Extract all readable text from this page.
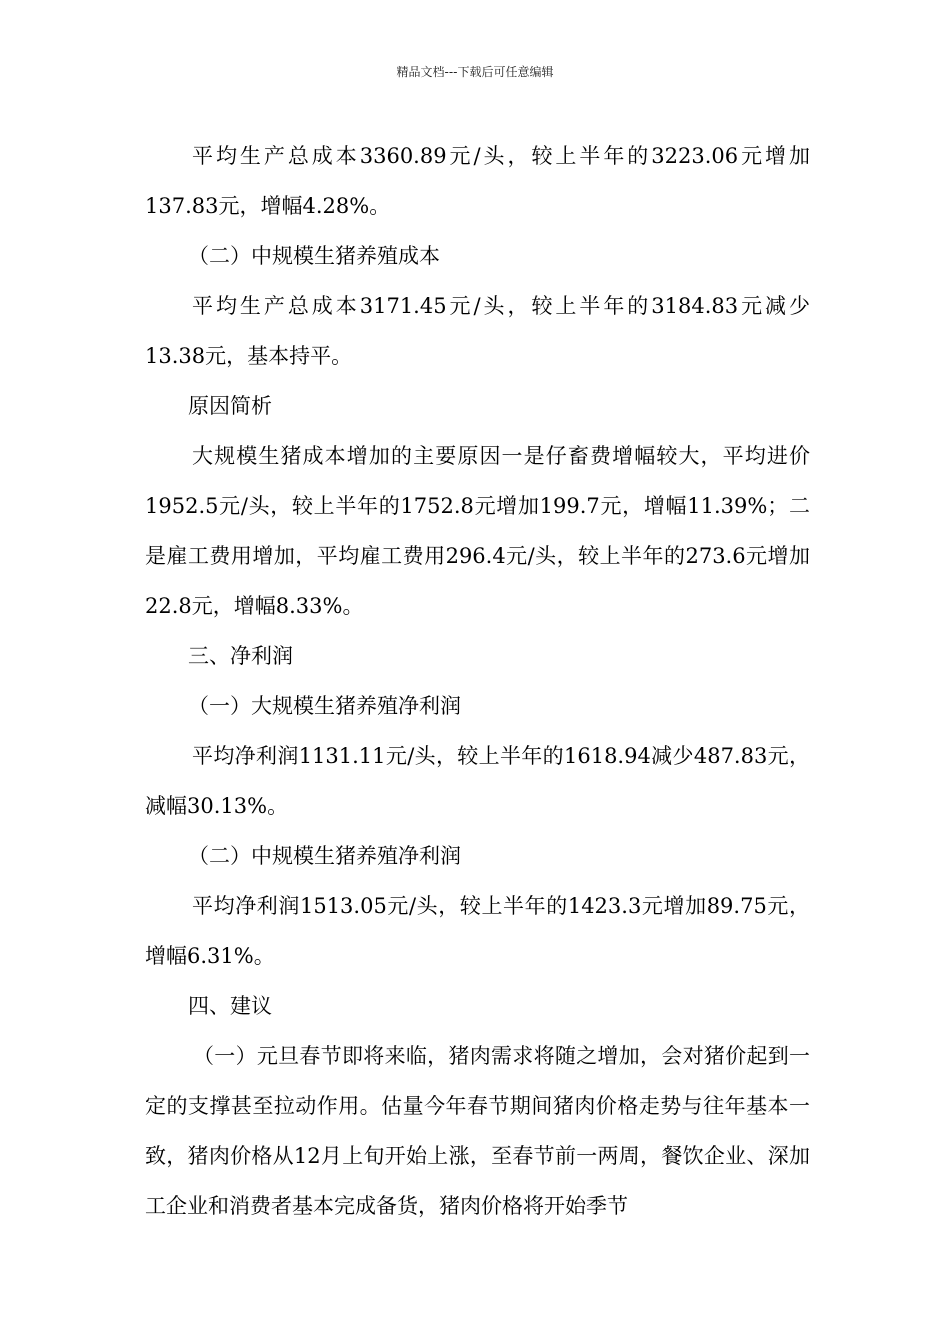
精品文档---下载后可任意编辑

平均生产总成本3360.89元/头，较上半年的3223.06元增加137.83元，增幅4.28%。

（二）中规模生猪养殖成本

平均生产总成本3171.45元/头，较上半年的3184.83元减少13.38元，基本持平。

原因简析

大规模生猪成本增加的主要原因一是仔畜费增幅较大，平均进价1952.5元/头，较上半年的1752.8元增加199.7元，增幅11.39%；二是雇工费用增加，平均雇工费用296.4元/头，较上半年的273.6元增加22.8元，增幅8.33%。

三、净利润

（一）大规模生猪养殖净利润

平均净利润1131.11元/头，较上半年的1618.94减少487.83元，减幅30.13%。

（二）中规模生猪养殖净利润

平均净利润1513.05元/头，较上半年的1423.3元增加89.75元，增幅6.31%。

四、建议

（一）元旦春节即将来临，猪肉需求将随之增加，会对猪价起到一定的支撑甚至拉动作用。估量今年春节期间猪肉价格走势与往年基本一致，猪肉价格从12月上旬开始上涨，至春节前一两周，餐饮企业、深加工企业和消费者基本完成备货，猪肉价格将开始季节
